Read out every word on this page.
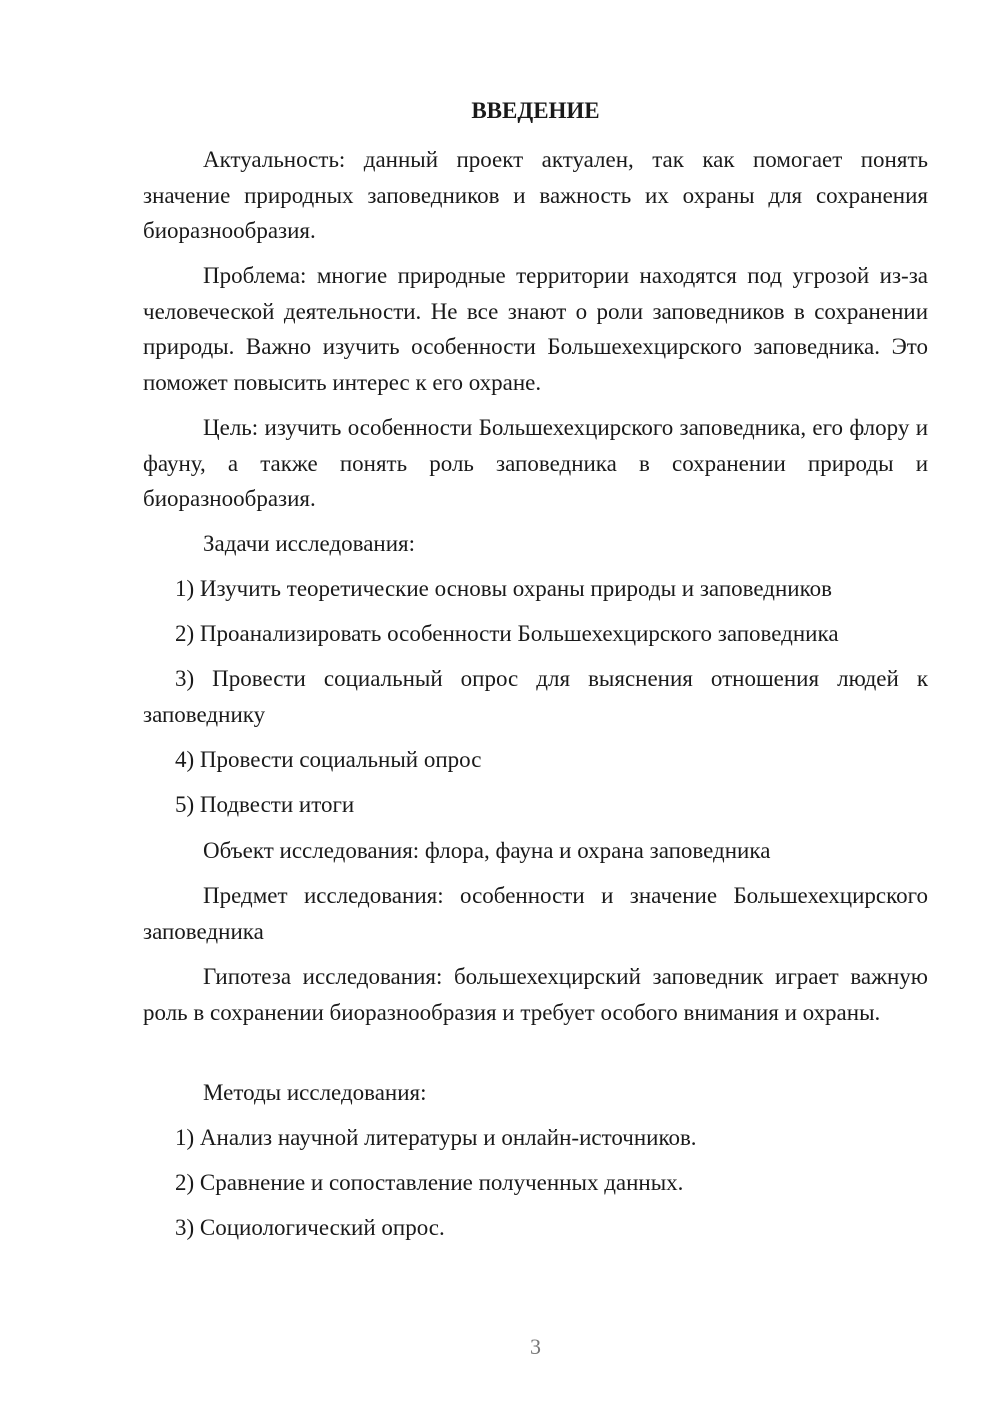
ВВЕДЕНИЕ

Актуальность: данный проект актуален, так как помогает понять значение природных заповедников и важность их охраны для сохранения биоразнообразия.

Проблема: многие природные территории находятся под угрозой из-за человеческой деятельности. Не все знают о роли заповедников в сохранении природы. Важно изучить особенности Большехехцирского заповедника. Это поможет повысить интерес к его охране.

Цель: изучить особенности Большехехцирского заповедника, его флору и фауну, а также понять роль заповедника в сохранении природы и биоразнообразия.

Задачи исследования:

1) Изучить теоретические основы охраны природы и заповедников

2) Проанализировать особенности Большехехцирского заповедника

3) Провести социальный опрос для выяснения отношения людей к заповеднику

4) Провести социальный опрос

5) Подвести итоги

Объект исследования: флора, фауна и охрана заповедника

Предмет исследования: особенности и значение Большехехцирского заповедника

Гипотеза исследования: большехехцирский заповедник играет важную роль в сохранении биоразнообразия и требует особого внимания и охраны.

Методы исследования:

1) Анализ научной литературы и онлайн-источников.

2) Сравнение и сопоставление полученных данных.

3) Социологический опрос.

3
